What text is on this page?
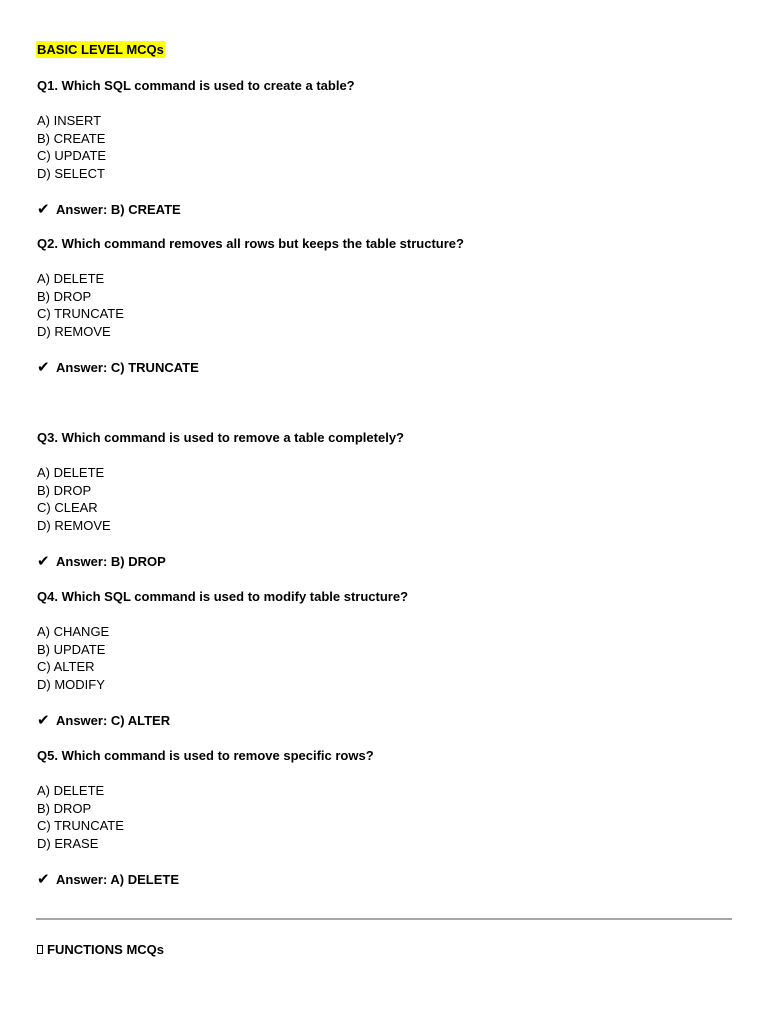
BASIC LEVEL MCQs
Q1. Which SQL command is used to create a table?
A) INSERT
B) CREATE
C) UPDATE
D) SELECT
✔ Answer: B) CREATE
Q2. Which command removes all rows but keeps the table structure?
A) DELETE
B) DROP
C) TRUNCATE
D) REMOVE
✔ Answer: C) TRUNCATE
Q3. Which command is used to remove a table completely?
A) DELETE
B) DROP
C) CLEAR
D) REMOVE
✔ Answer: B) DROP
Q4. Which SQL command is used to modify table structure?
A) CHANGE
B) UPDATE
C) ALTER
D) MODIFY
✔ Answer: C) ALTER
Q5. Which command is used to remove specific rows?
A) DELETE
B) DROP
C) TRUNCATE
D) ERASE
✔ Answer: A) DELETE
FUNCTIONS MCQs
